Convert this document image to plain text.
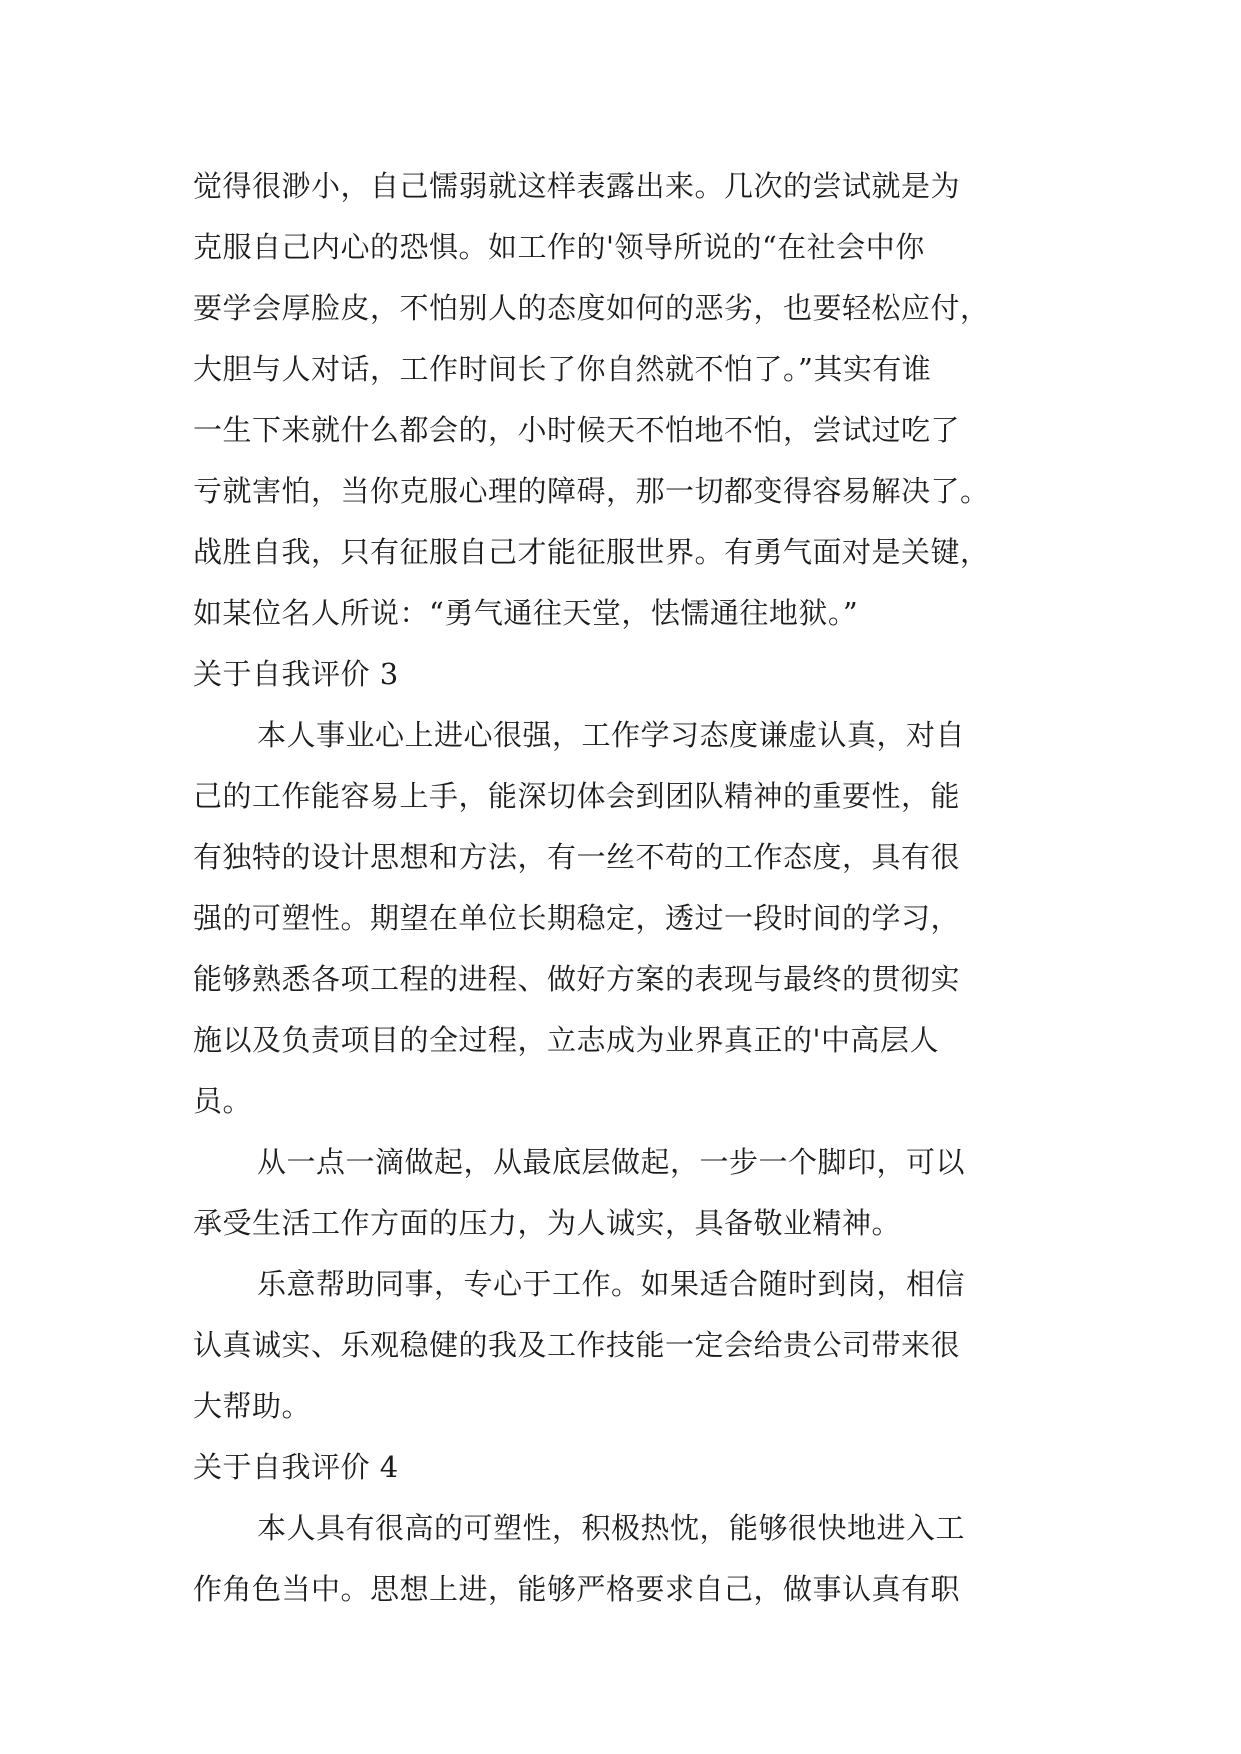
觉得很渺小，自己懦弱就这样表露出来。几次的尝试就是为
克服自己内心的恐惧。如工作的'领导所说的“在社会中你
要学会厚脸皮，不怕别人的态度如何的恶劣，也要轻松应付，
大胆与人对话，工作时间长了你自然就不怕了。”其实有谁
一生下来就什么都会的，小时候天不怕地不怕，尝试过吃了
亏就害怕，当你克服心理的障碍，那一切都变得容易解决了。
战胜自我，只有征服自己才能征服世界。有勇气面对是关键，
如某位名人所说：“勇气通往天堂，怯懦通往地狱。”
关于自我评价 3
本人事业心上进心很强，工作学习态度谦虚认真，对自
己的工作能容易上手，能深切体会到团队精神的重要性，能
有独特的设计思想和方法，有一丝不苟的工作态度，具有很
强的可塑性。期望在单位长期稳定，透过一段时间的学习，
能够熟悉各项工程的进程、做好方案的表现与最终的贯彻实
施以及负责项目的全过程，立志成为业界真正的'中高层人
员。
从一点一滴做起，从最底层做起，一步一个脚印，可以
承受生活工作方面的压力，为人诚实，具备敬业精神。
乐意帮助同事，专心于工作。如果适合随时到岗，相信
认真诚实、乐观稳健的我及工作技能一定会给贵公司带来很
大帮助。
关于自我评价 4
本人具有很高的可塑性，积极热忱，能够很快地进入工
作角色当中。思想上进，能够严格要求自己，做事认真有职
